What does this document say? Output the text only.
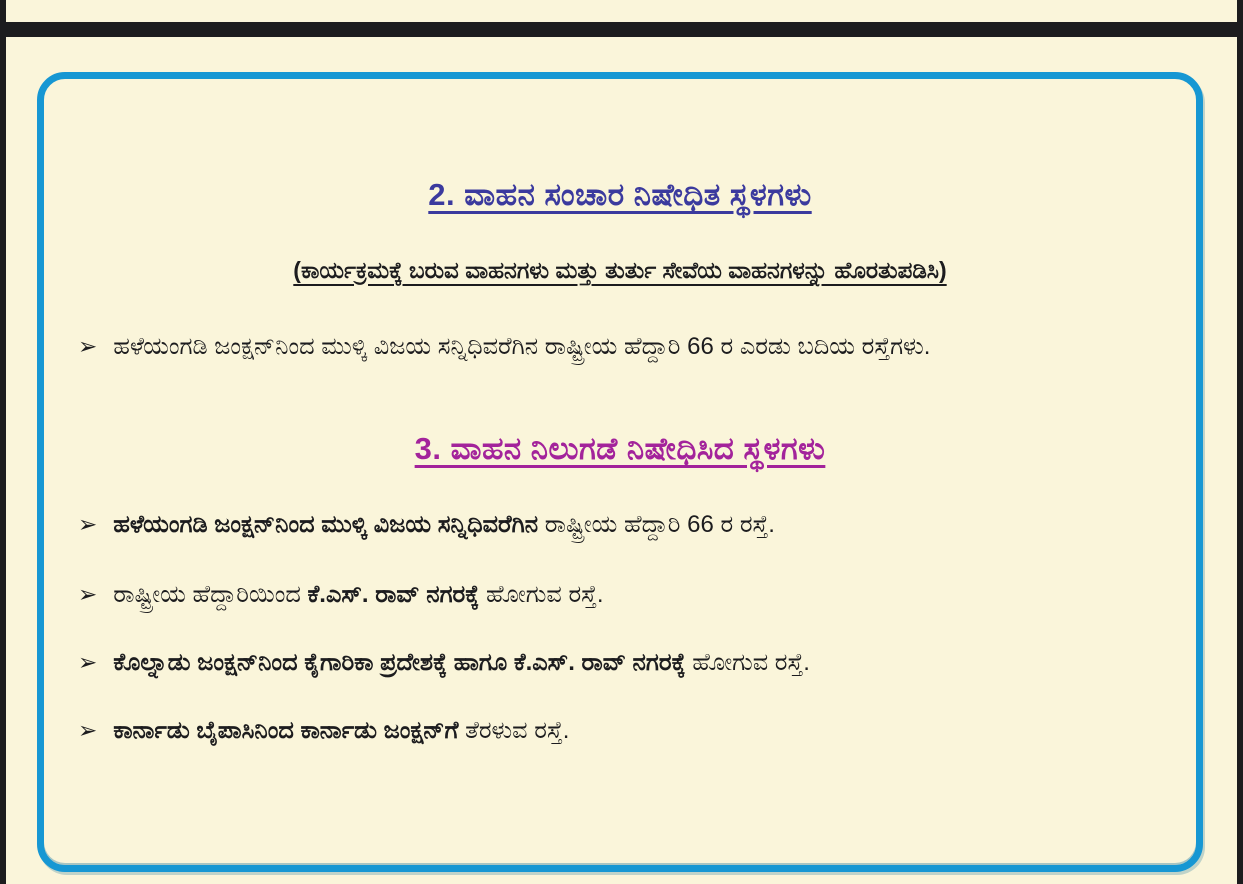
2. ವಾಹನ ಸಂಚಾರ ನಿಷೇಧಿತ ಸ್ಥಳಗಳು
(ಕಾರ್ಯಕ್ರಮಕ್ಕೆ ಬರುವ ವಾಹನಗಳು ಮತ್ತು ತುರ್ತು ಸೇವೆಯ ವಾಹನಗಳನ್ನು ಹೊರತುಪಡಿಸಿ)
➢ ಹಳೆಯಂಗಡಿ ಜಂಕ್ಷನ್‌ನಿಂದ ಮುಳ್ಕಿ ವಿಜಯ ಸನ್ನಿಧಿವರೆಗಿನ ರಾಷ್ಟ್ರೀಯ ಹೆದ್ದಾರಿ 66 ರ ಎರಡು ಬದಿಯ ರಸ್ತೆಗಳು.
3. ವಾಹನ ನಿಲುಗಡೆ ನಿಷೇಧಿಸಿದ ಸ್ಥಳಗಳು
➢ ಹಳೆಯಂಗಡಿ ಜಂಕ್ಷನ್‌ನಿಂದ ಮುಳ್ಕಿ ವಿಜಯ ಸನ್ನಿಧಿವರೆಗಿನ ರಾಷ್ಟ್ರೀಯ ಹೆದ್ದಾರಿ 66 ರ ರಸ್ತೆ.
➢ ರಾಷ್ಟ್ರೀಯ ಹೆದ್ದಾರಿಯಿಂದ ಕೆ.ಎಸ್. ರಾವ್ ನಗರಕ್ಕೆ ಹೋಗುವ ರಸ್ತೆ.
➢ ಕೊಲ್ನಾಡು ಜಂಕ್ಷನ್‌ನಿಂದ ಕೈಗಾರಿಕಾ ಪ್ರದೇಶಕ್ಕೆ ಹಾಗೂ ಕೆ.ಎಸ್. ರಾವ್ ನಗರಕ್ಕೆ ಹೋಗುವ ರಸ್ತೆ.
➢ ಕಾರ್ನಾಡು ಬೈಪಾಸಿನಿಂದ ಕಾರ್ನಾಡು ಜಂಕ್ಷನ್‌ಗೆ ತೆರಳುವ ರಸ್ತೆ.
